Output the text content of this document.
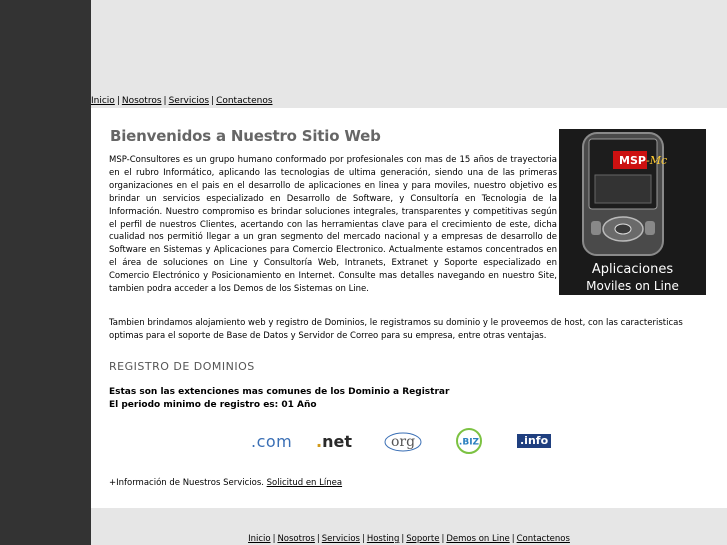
Inicio | Nosotros | Servicios | Contactenos
Bienvenidos a Nuestro Sitio Web

MSP-Consultores es un grupo humano conformado por profesionales con mas de 15 años de trayectoria en el rubro Informático, aplicando las tecnologias de ultima generación, siendo una de las primeras organizaciones en el pais en el desarrollo de aplicaciones en linea y para moviles, nuestro objetivo es brindar un servicios especializado en Desarrollo de Software, y Consultoría en Tecnologia de la Información. Nuestro compromiso es brindar soluciones integrales, transparentes y competitivas según el perfil de nuestros Clientes, acertando con las herramientas clave para el crecimiento de este, dicha cualidad nos permitió llegar a un gran segmento del mercado nacional y a empresas de desarrollo de Software en Sistemas y Aplicaciones para Comercio Electronico. Actualmente estamos concentrados en el área de soluciones on Line y Consultoría Web, Intranets, Extranet y Soporte especializado en Comercio Electrónico y Posicionamiento en Internet. Consulte mas detalles navegando en nuestro Site, tambien podra acceder a los Demos de los Sistemas on Line.

MSP -Mc
Aplicaciones
Moviles on Line

Tambien brindamos alojamiento web y registro de Dominios, le registramos su dominio y le proveemos de host, con las caracteristicas optimas para el soporte de Base de Datos y Servidor de Correo para su empresa, entre otras ventajas.

REGISTRO DE DOMINIOS

Estas son las extenciones mas comunes de los Dominio a Registrar
El periodo minimo de registro es: 01 Año

.com . net	org	.BIZ	.info

+Información de Nuestros Servicios. Solicitud en Línea

Inicio | Nosotros | Servicios | Hosting | Soporte | Demos on Line | Contactenos
